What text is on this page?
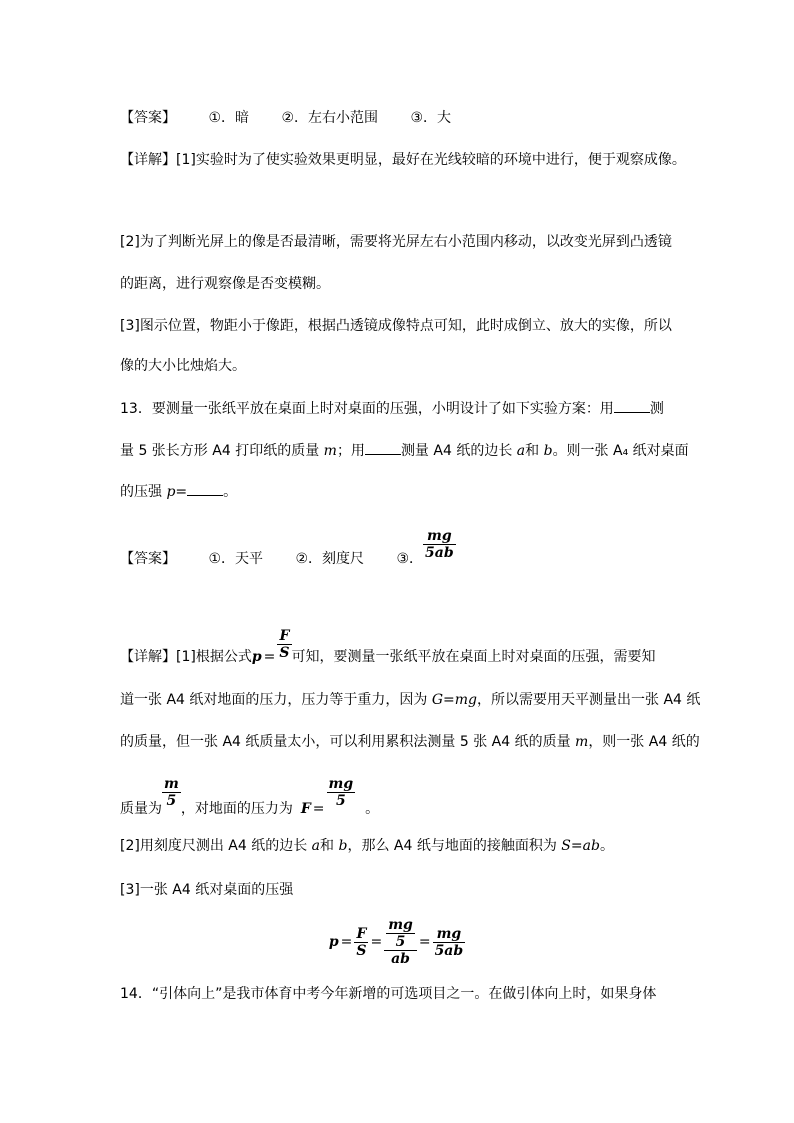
【答案】 ①．暗 ②．左右小范围 ③．大
【详解】[1]实验时为了使实验效果更明显，最好在光线较暗的环境中进行，便于观察成像。
[2]为了判断光屏上的像是否最清晰，需要将光屏左右小范围内移动，以改变光屏到凸透镜
的距离，进行观察像是否变模糊。
[3]图示位置，物距小于像距，根据凸透镜成像特点可知，此时成倒立、放大的实像，所以
像的大小比烛焰大。
13．要测量一张纸平放在桌面上时对桌面的压强，小明设计了如下实验方案：用	测
量 5 张长方形 A4 打印纸的质量 m；用	测量 A4 纸的边长 a和 b。则一张 A₄ 纸对桌面
的压强 p=	。
【答案】 ①．天平 ②．刻度尺 ③． $\frac{mg}{5ab}$
【详解】[1]根据公式$p = \frac{F}{S}$ 可知，要测量一张纸平放在桌面上时对桌面的压强，需要知
道一张 A4 纸对地面的压力，压力等于重力，因为 G=mg，所以需要用天平测量出一张 A4 纸
的质量，但一张 A4 纸质量太小，可以利用累积法测量 5 张 A4 纸的质量 m，则一张 A4 纸的
质量为 $\frac{m}{5}$ ，对地面的压力为 $F = \frac{mg}{5}$ 。
[2]用刻度尺测出 A4 纸的边长 a和 b，那么 A4 纸与地面的接触面积为 S=ab。
[3]一张 A4 纸对桌面的压强
$p = \frac{F}{S} = \frac{\frac{mg}{5}}{ab} = \frac{mg}{5ab}$
14．“引体向上”是我市体育中考今年新增的可选项目之一。在做引体向上时，如果身体
